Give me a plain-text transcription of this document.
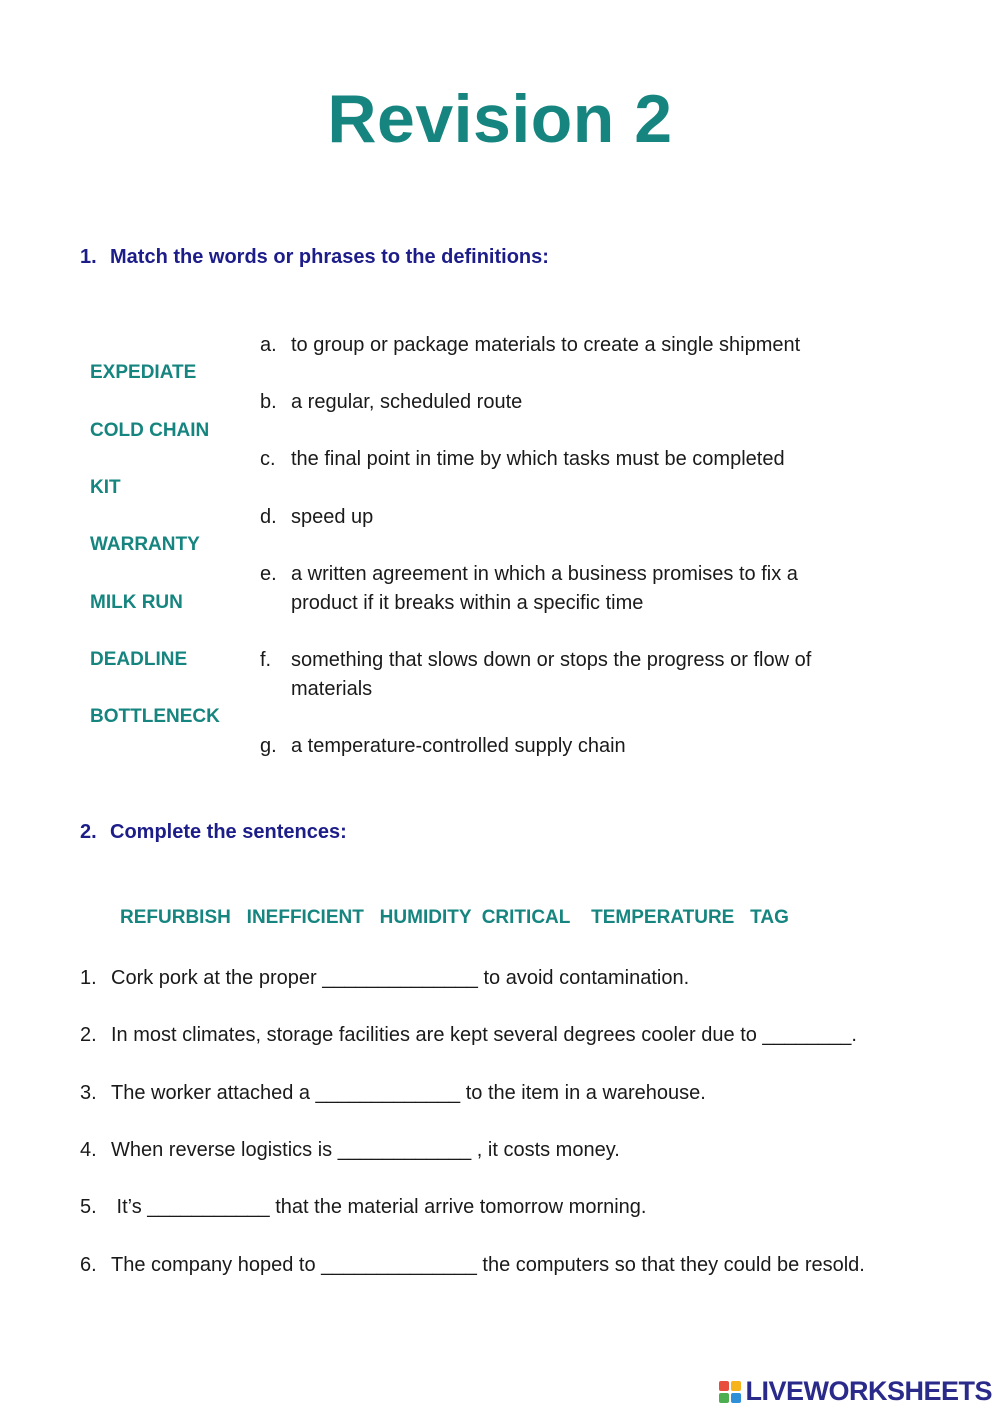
Revision 2
1. Match the words or phrases to the definitions:
EXPEDIATE
COLD CHAIN
KIT
WARRANTY
MILK RUN
DEADLINE
BOTTLENECK
a. to group or package materials to create a single shipment
b. a regular, scheduled route
c. the final point in time by which tasks must be completed
d. speed up
e. a written agreement in which a business promises to fix a product if it breaks within a specific time
f. something that slows down or stops the progress or flow of materials
g. a temperature-controlled supply chain
2. Complete the sentences:
REFURBISH   INEFFICIENT   HUMIDITY  CRITICAL    TEMPERATURE   TAG
1. Cork pork at the proper ______________ to avoid contamination.
2. In most climates, storage facilities are kept several degrees cooler due to ________.
3. The worker attached a _____________ to the item in a warehouse.
4. When reverse logistics is ____________ , it costs money.
5. It’s ___________ that the material arrive tomorrow morning.
6. The company hoped to ______________ the computers so that they could be resold.
LIVEWORKSHEETS
